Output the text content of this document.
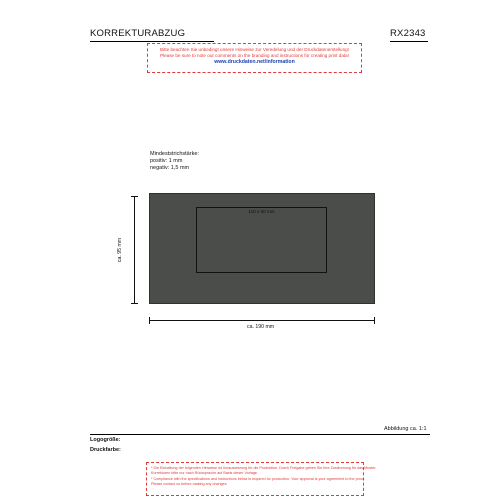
KORREKTURABZUG	RX2343
Bitte beachten Sie unbedingt unsere Hinweise zur Veredelung und der Druckdatenerstellung!
Please be sure to note our comments on the branding and instructions for creating print data!
www.druckdaten.net/information
Mindeststrichstärke:
positiv: 1 mm
negativ: 1,5 mm
110 x 60 mm
ca. 95 mm
ca. 190 mm
Abbildung ca. 1:1
Logogröße:
Druckfarbe:
* Die Einhaltung der folgenden Hinweise ist Voraussetzung für die Produktion. Durch Freigabe geben Sie Ihre Zustimmung für das Muster.
Korrekturen bitte nur nach Rücksprache auf Basis dieser Vorlage.
* Compliance with the specifications and instructions below is required for production. Your approval is your agreement to the proof.
Please contact us before making any changes.
